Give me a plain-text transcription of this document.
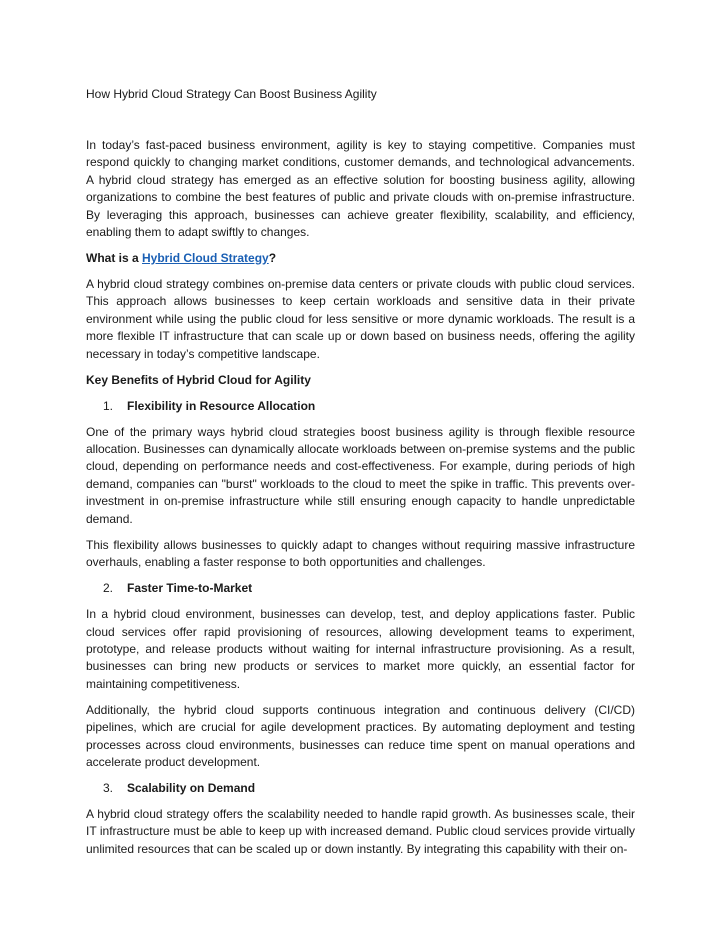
How Hybrid Cloud Strategy Can Boost Business Agility

In today’s fast-paced business environment, agility is key to staying competitive. Companies must respond quickly to changing market conditions, customer demands, and technological advancements. A hybrid cloud strategy has emerged as an effective solution for boosting business agility, allowing organizations to combine the best features of public and private clouds with on-premise infrastructure. By leveraging this approach, businesses can achieve greater flexibility, scalability, and efficiency, enabling them to adapt swiftly to changes.

What is a Hybrid Cloud Strategy?

A hybrid cloud strategy combines on-premise data centers or private clouds with public cloud services. This approach allows businesses to keep certain workloads and sensitive data in their private environment while using the public cloud for less sensitive or more dynamic workloads. The result is a more flexible IT infrastructure that can scale up or down based on business needs, offering the agility necessary in today’s competitive landscape.

Key Benefits of Hybrid Cloud for Agility
1. Flexibility in Resource Allocation

One of the primary ways hybrid cloud strategies boost business agility is through flexible resource allocation. Businesses can dynamically allocate workloads between on-premise systems and the public cloud, depending on performance needs and cost-effectiveness. For example, during periods of high demand, companies can "burst" workloads to the cloud to meet the spike in traffic. This prevents over-investment in on-premise infrastructure while still ensuring enough capacity to handle unpredictable demand.

This flexibility allows businesses to quickly adapt to changes without requiring massive infrastructure overhauls, enabling a faster response to both opportunities and challenges.

2. Faster Time-to-Market

In a hybrid cloud environment, businesses can develop, test, and deploy applications faster. Public cloud services offer rapid provisioning of resources, allowing development teams to experiment, prototype, and release products without waiting for internal infrastructure provisioning. As a result, businesses can bring new products or services to market more quickly, an essential factor for maintaining competitiveness.

Additionally, the hybrid cloud supports continuous integration and continuous delivery (CI/CD) pipelines, which are crucial for agile development practices. By automating deployment and testing processes across cloud environments, businesses can reduce time spent on manual operations and accelerate product development.

3. Scalability on Demand

A hybrid cloud strategy offers the scalability needed to handle rapid growth. As businesses scale, their IT infrastructure must be able to keep up with increased demand. Public cloud services provide virtually unlimited resources that can be scaled up or down instantly. By integrating this capability with their on-
